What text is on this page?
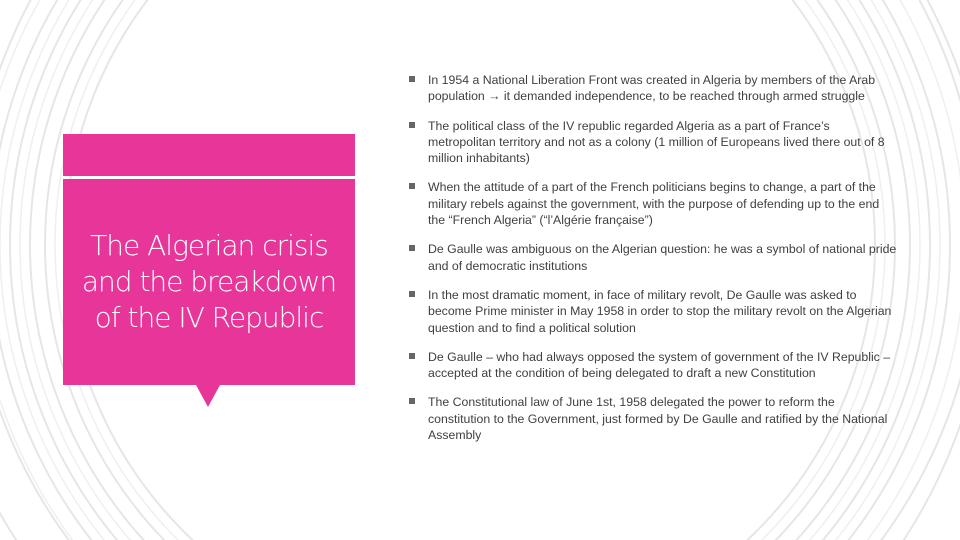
The Algerian crisis and the breakdown of the IV Republic
In 1954 a National Liberation Front was created in Algeria by members of the Arab population → it demanded independence, to be reached through armed struggle
The political class of the IV republic regarded Algeria as a part of France’s metropolitan territory and not as a colony (1 million of Europeans lived there out of 8 million inhabitants)
When the attitude of a part of the French politicians begins to change, a part of the military rebels against the government, with the purpose of defending up to the end the “French Algeria” (“l’Algérie française”)
De Gaulle was ambiguous on the Algerian question: he was a symbol of national pride and of democratic institutions
In the most dramatic moment, in face of military revolt, De Gaulle was asked to become Prime minister in May 1958 in order to stop the military revolt on the Algerian question and to find a political solution
De Gaulle – who had always opposed the system of government of the IV Republic – accepted at the condition of being delegated to draft a new Constitution
The Constitutional law of June 1st, 1958 delegated the power to reform the constitution to the Government, just formed by De Gaulle and ratified by the National Assembly
